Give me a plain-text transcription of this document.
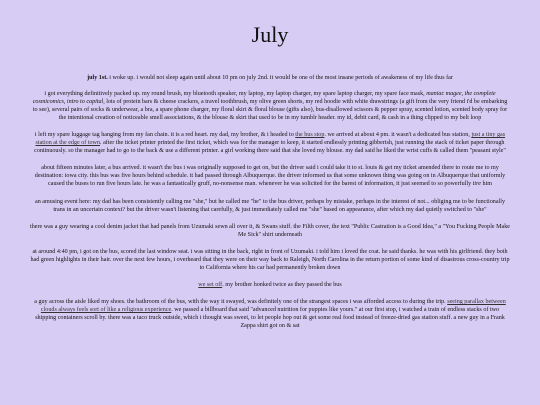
July

july 1st. i woke up. i would not sleep again until about 10 pm on july 2nd. it would be one of the most insane periods of awakeness of my life thus far

i got everything definitively packed up. my round brush, my bluetooth speaker, my laptop, my laptop charger, my spare laptop charger, my spare face mask, maniac magee, the complete cosmicomics, intro to capital, lots of protein bars & cheese crackers, a travel toothbrush, my olive green shorts, my red hoodie with white drawstrings (a gift from the very friend i'd be embarking to see), several pairs of socks & underwear, a bra, a spare phone charger, my floral skirt & floral blouse (gifts also), bus-disallowed scissors & pepper spray, scented lotion, scented body spray for the intentional creation of noticeable smell associations, & the blouse & skirt that used to be in my tumblr header. my id, debit card, & cash in a thing clipped to my belt loop

i left my spare luggage tag hanging from my fan chain. it is a red heart. my dad, my brother, & i headed to the bus stop. we arrived at about 4 pm. it wasn't a dedicated bus station, just a tiny gas station at the edge of town. after the ticket printer printed the first ticket, which was for the manager to keep, it started endlessly printing gibberish, just running the stack of ticket paper through continuously. so the manager had to go to the back & use a different printer. a girl working there said that she loved my blouse. my dad said he liked the wrist cuffs & called them "peasant style"

about fifteen minutes later, a bus arrived. it wasn't the bus i was originally supposed to get on, but the driver said i could take it to st. louis & get my ticket amended there to route me to my destination: iowa city. this bus was five hours behind schedule. it had passed through Albuquerque. the driver informed us that some unknown thing was going on in Albuquerque that uniformly caused the buses to run five hours late. he was a fantastically gruff, no-nonsense man. whenever he was solicited for the barest of information, it just seemed to so powerfully tire him

an amusing event here: my dad has been consistently calling me "she," but he called me "he" to the bus driver, perhaps by mistake, perhaps in the interest of not... obliging me to be functionally trans in an uncertain context? but the driver wasn't listening that carefully, & just immediately called me "she" based on appearance, after which my dad quietly switched to "she"

there was a guy wearing a cool denim jacket that had panels from Uzumaki sewn all over it, & Swans stuff. the Filth cover, the text "Public Castration is a Good Idea," a "You Fucking People Make Me Sick" shirt underneath

at around 4:40 pm, i got on the bus, scored the last window seat. i was sitting in the back, right in front of Uzumaki. i told him i loved the coat. he said thanks. he was with his girlfriend. they both had green highlights in their hair. over the next few hours, i overheard that they were on their way back to Raleigh, North Carolina in the return portion of some kind of disastrous cross-country trip to California where his car had permanently broken down

we set off. my brother honked twice as they passed the bus

a guy across the aisle liked my shoes. the bathroom of the bus, with the way it swayed, was definitely one of the strangest spaces i was afforded access to during the trip. seeing parallax between clouds always feels sort of like a religious experience. we passed a billboard that said "advanced nutrition for puppies like yours." at our first stop, i watched a train of endless stacks of two shipping containers scroll by. there was a taco truck outside, which i thought was sweet, to let people hop out & get some real food instead of freeze-dried gas station stuff. a new guy in a Frank Zappa shirt got on & sat
